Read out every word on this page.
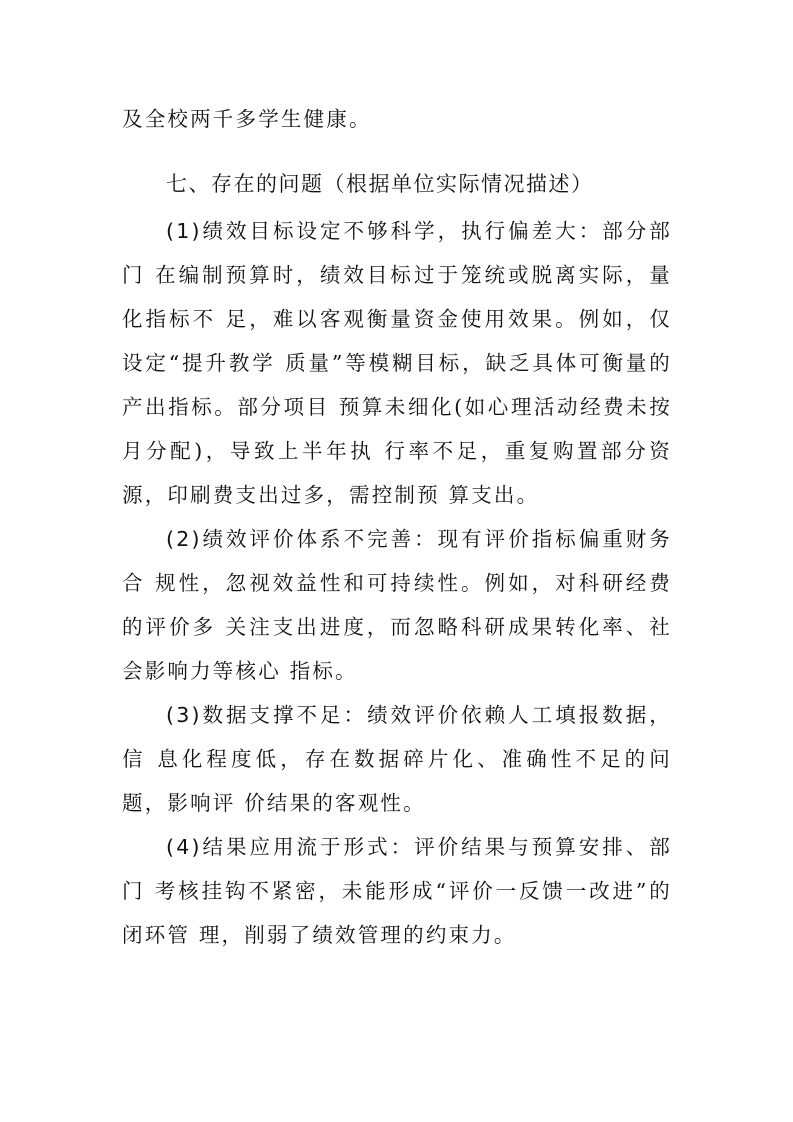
及全校两千多学生健康。
七、存在的问题（根据单位实际情况描述）
(1)绩效目标设定不够科学，执行偏差大：部分部门 在编制预算时，绩效目标过于笼统或脱离实际，量化指标不 足，难以客观衡量资金使用效果。例如，仅设定“提升教学 质量”等模糊目标，缺乏具体可衡量的产出指标。部分项目 预算未细化(如心理活动经费未按月分配)，导致上半年执 行率不足，重复购置部分资源，印刷费支出过多，需控制预 算支出。
(2)绩效评价体系不完善：现有评价指标偏重财务合 规性，忽视效益性和可持续性。例如，对科研经费的评价多 关注支出进度，而忽略科研成果转化率、社会影响力等核心 指标。
(3)数据支撑不足：绩效评价依赖人工填报数据，信 息化程度低，存在数据碎片化、准确性不足的问题，影响评 价结果的客观性。
(4)结果应用流于形式：评价结果与预算安排、部门 考核挂钩不紧密，未能形成“评价一反馈一改进”的闭环管 理，削弱了绩效管理的约束力。
